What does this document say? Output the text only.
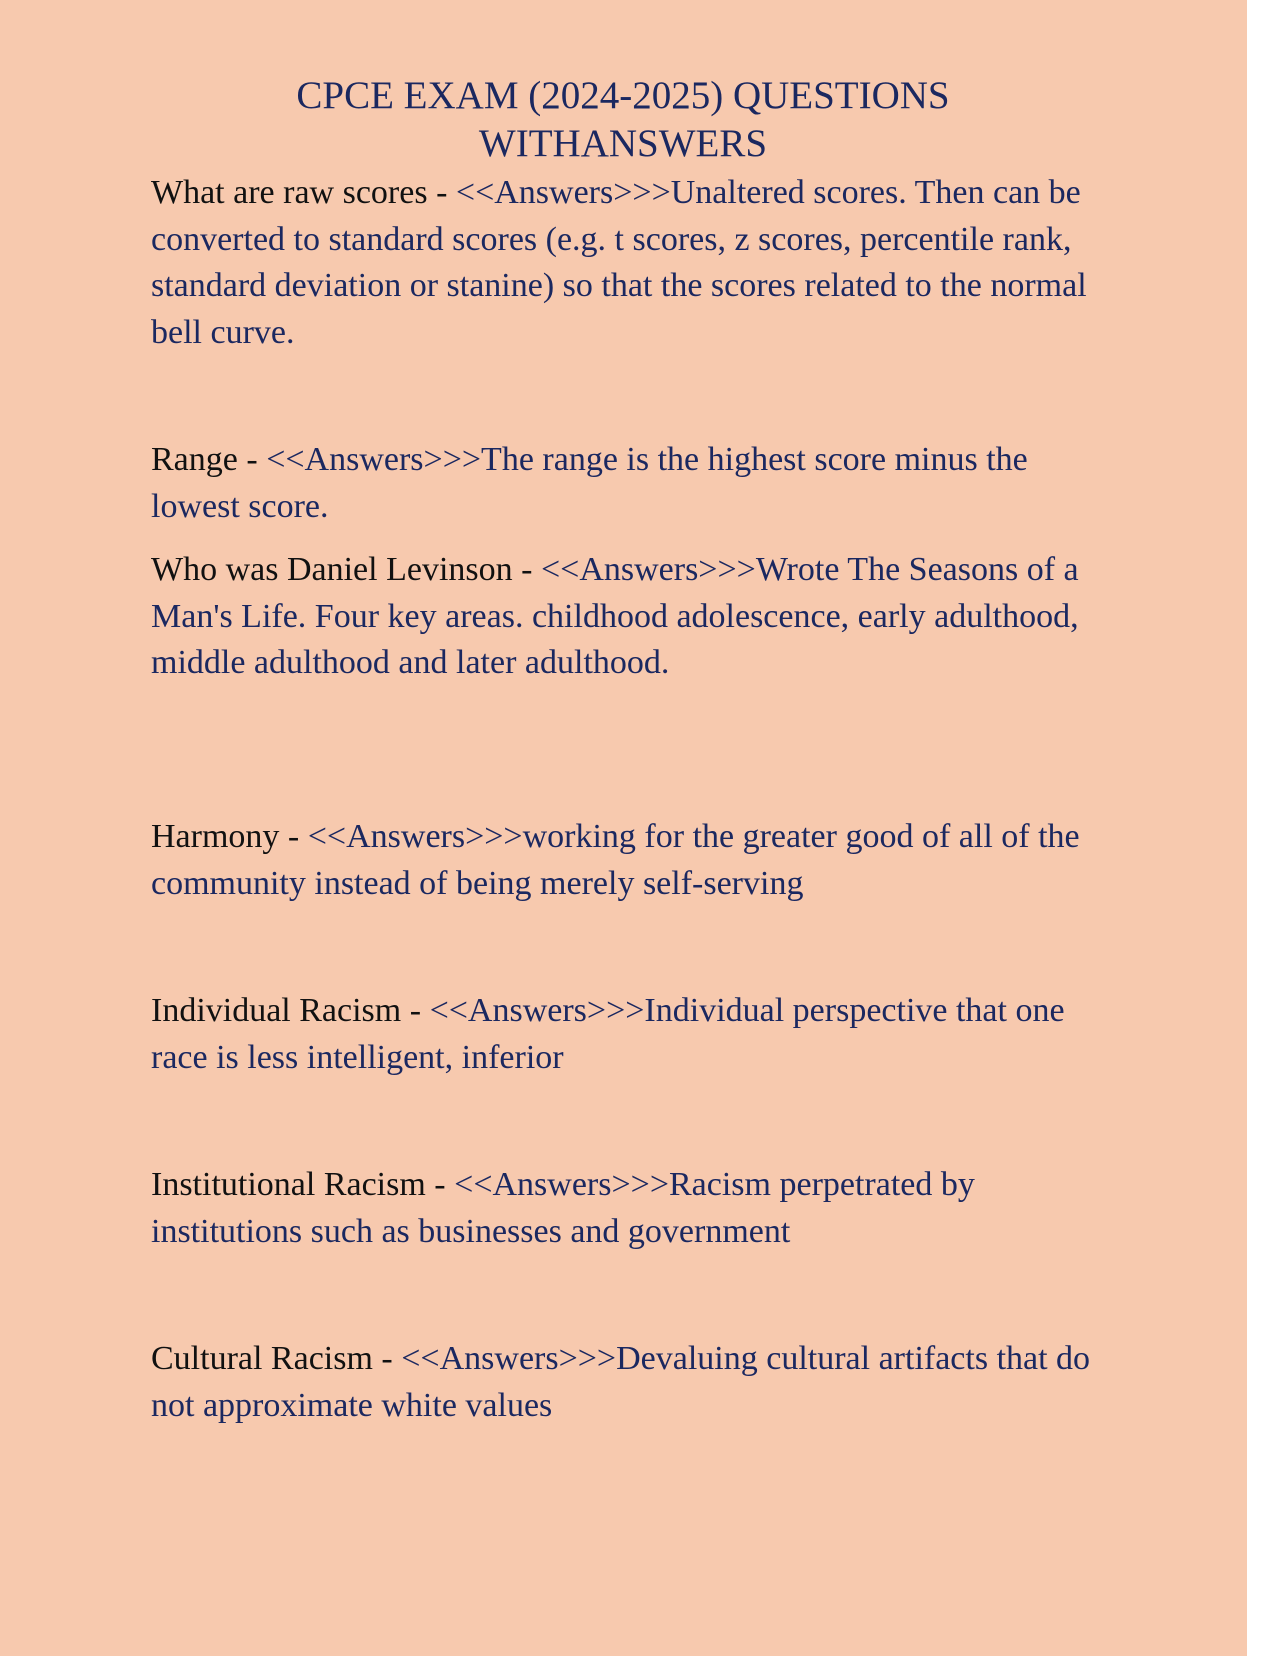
CPCE EXAM (2024-2025) QUESTIONS
WITHANSWERS
What are raw scores - <<Answers>>>Unaltered scores. Then can be converted to standard scores (e.g. t scores, z scores, percentile rank, standard deviation or stanine) so that the scores related to the normal bell curve.
Range - <<Answers>>>The range is the highest score minus the lowest score.
Who was Daniel Levinson - <<Answers>>>Wrote The Seasons of a Man's Life. Four key areas. childhood adolescence, early adulthood, middle adulthood and later adulthood.
Harmony - <<Answers>>>working for the greater good of all of the community instead of being merely self-serving
Individual Racism - <<Answers>>>Individual perspective that one race is less intelligent, inferior
Institutional Racism - <<Answers>>>Racism perpetrated by institutions such as businesses and government
Cultural Racism - <<Answers>>>Devaluing cultural artifacts that do not approximate white values
